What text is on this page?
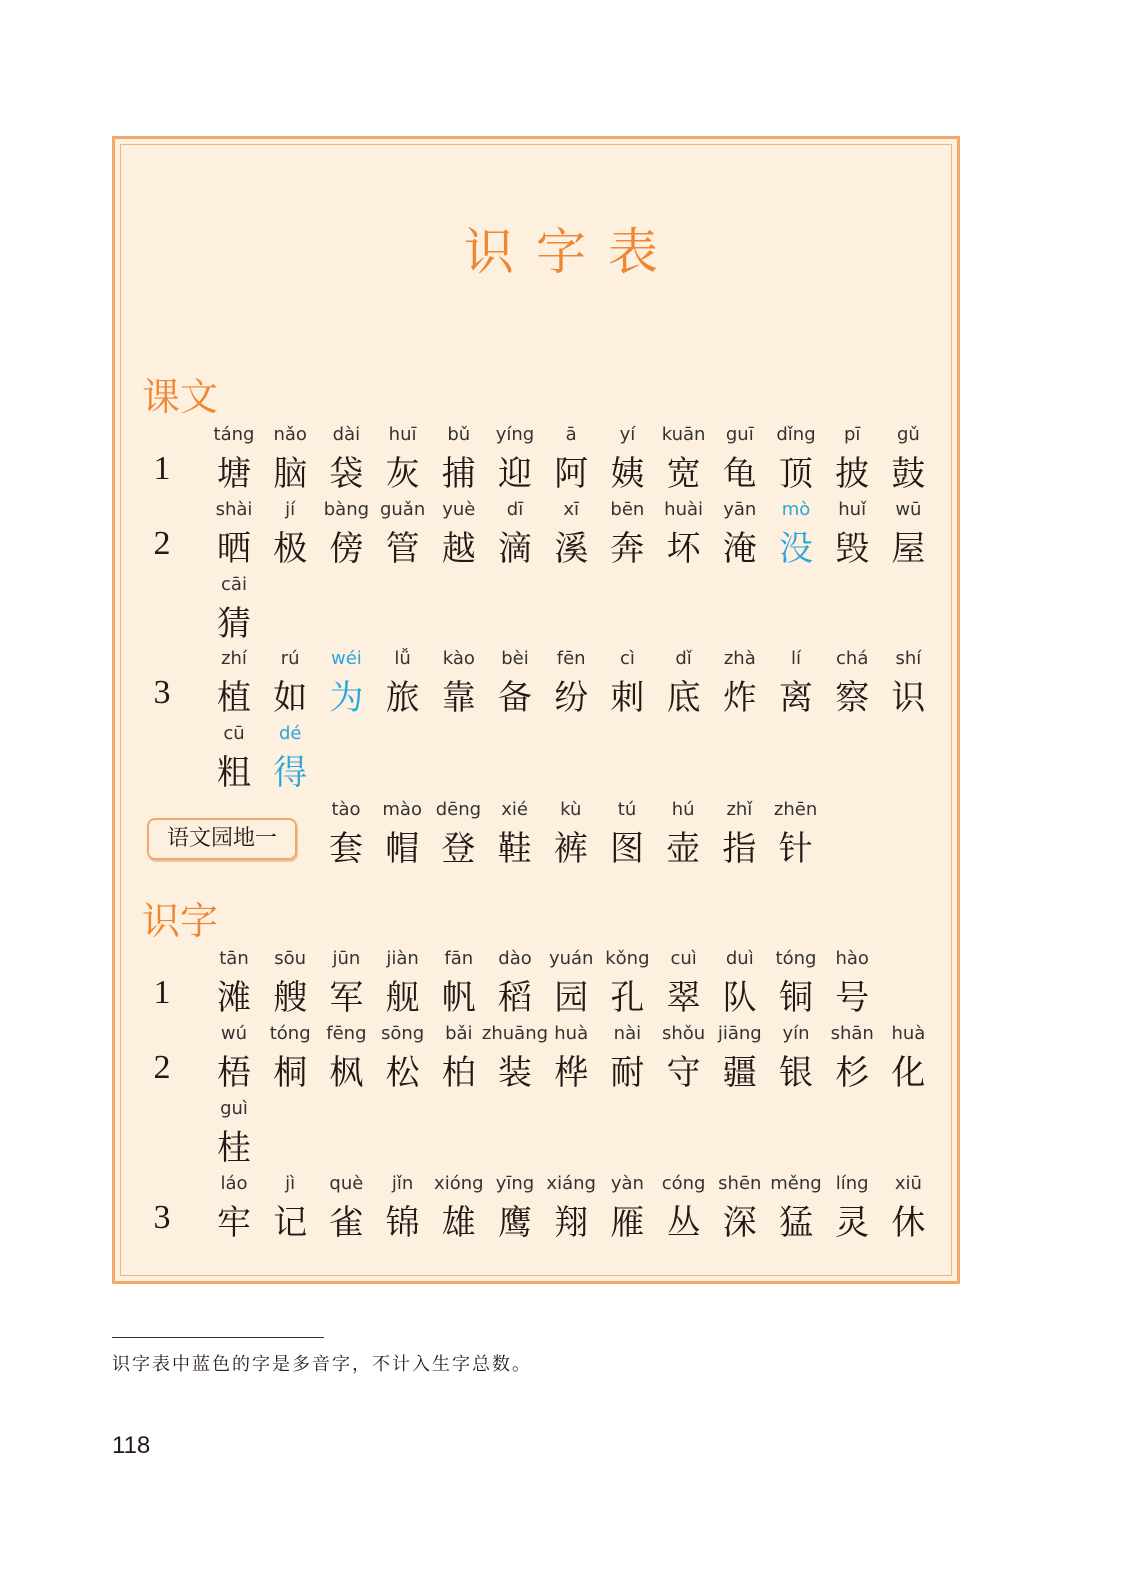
识字表
课文
识字
语文园地一
1
táng
塘
nǎo
脑
dài
袋
huī
灰
bǔ
捕
yíng
迎
ā
阿
yí
姨
kuān
宽
guī
龟
dǐng
顶
pī
披
gǔ
鼓
2
shài
晒
jí
极
bàng
傍
guǎn
管
yuè
越
dī
滴
xī
溪
bēn
奔
huài
坏
yān
淹
mò
没
huǐ
毁
wū
屋
cāi
猜
3
zhí
植
rú
如
wéi
为
lǚ
旅
kào
靠
bèi
备
fēn
纷
cì
刺
dǐ
底
zhà
炸
lí
离
chá
察
shí
识
cū
粗
dé
得
tào
套
mào
帽
dēng
登
xié
鞋
kù
裤
tú
图
hú
壶
zhǐ
指
zhēn
针
1
tān
滩
sōu
艘
jūn
军
jiàn
舰
fān
帆
dào
稻
yuán
园
kǒng
孔
cuì
翠
duì
队
tóng
铜
hào
号
2
wú
梧
tóng
桐
fēng
枫
sōng
松
bǎi
柏
zhuāng
装
huà
桦
nài
耐
shǒu
守
jiāng
疆
yín
银
shān
杉
huà
化
guì
桂
3
láo
牢
jì
记
què
雀
jǐn
锦
xióng
雄
yīng
鹰
xiáng
翔
yàn
雁
cóng
丛
shēn
深
měng
猛
líng
灵
xiū
休
识字表中蓝色的字是多音字，不计入生字总数。
118
